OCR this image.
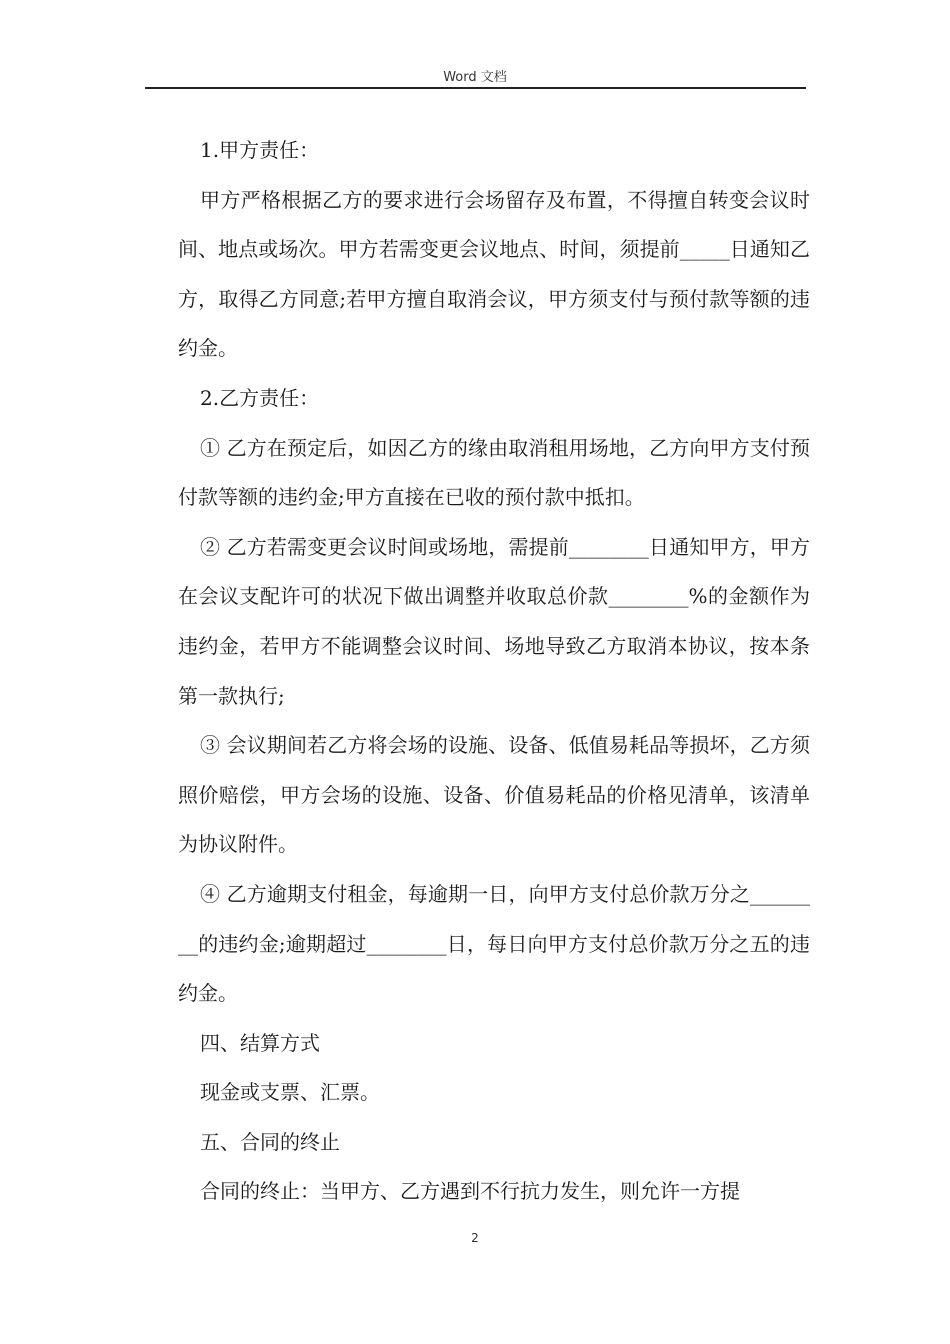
Word 文档

1.甲方责任：

甲方严格根据乙方的要求进行会场留存及布置，不得擅自转变会议时间、地点或场次。甲方若需变更会议地点、时间，须提前_____日通知乙方，取得乙方同意;若甲方擅自取消会议，甲方须支付与预付款等额的违约金。

2.乙方责任：

① 乙方在预定后，如因乙方的缘由取消租用场地，乙方向甲方支付预付款等额的违约金;甲方直接在已收的预付款中抵扣。

② 乙方若需变更会议时间或场地，需提前________日通知甲方，甲方在会议支配许可的状况下做出调整并收取总价款________%的金额作为违约金，若甲方不能调整会议时间、场地导致乙方取消本协议，按本条第一款执行;

③ 会议期间若乙方将会场的设施、设备、低值易耗品等损坏，乙方须照价赔偿，甲方会场的设施、设备、价值易耗品的价格见清单，该清单为协议附件。

④ 乙方逾期支付租金，每逾期一日，向甲方支付总价款万分之________的违约金;逾期超过________日，每日向甲方支付总价款万分之五的违约金。

四、结算方式

现金或支票、汇票。

五、合同的终止

合同的终止：当甲方、乙方遇到不行抗力发生，则允许一方提

2
